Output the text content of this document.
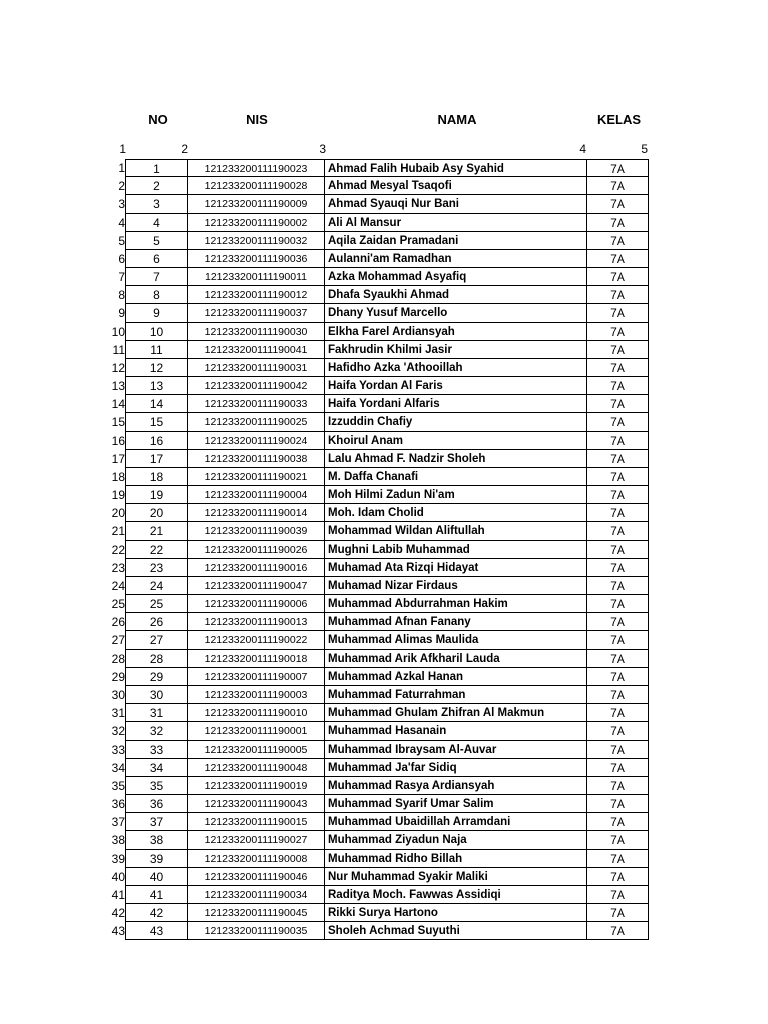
NO	NIS	NAMA	KELAS
1	2	3	4	5
1	1	121233200111190023	Ahmad Falih Hubaib Asy Syahid	7A
2	2	121233200111190028	Ahmad Mesyal Tsaqofi	7A
3	3	121233200111190009	Ahmad Syauqi Nur Bani	7A
4	4	121233200111190002	Ali Al Mansur	7A
5	5	121233200111190032	Aqila Zaidan Pramadani	7A
6	6	121233200111190036	Aulanni'am Ramadhan	7A
7	7	121233200111190011	Azka Mohammad Asyafiq	7A
8	8	121233200111190012	Dhafa Syaukhi Ahmad	7A
9	9	121233200111190037	Dhany Yusuf Marcello	7A
10	10	121233200111190030	Elkha Farel Ardiansyah	7A
11	11	121233200111190041	Fakhrudin Khilmi Jasir	7A
12	12	121233200111190031	Hafidho Azka 'Athooillah	7A
13	13	121233200111190042	Haifa Yordan Al Faris	7A
14	14	121233200111190033	Haifa Yordani Alfaris	7A
15	15	121233200111190025	Izzuddin Chafiy	7A
16	16	121233200111190024	Khoirul Anam	7A
17	17	121233200111190038	Lalu Ahmad F. Nadzir Sholeh	7A
18	18	121233200111190021	M. Daffa Chanafi	7A
19	19	121233200111190004	Moh Hilmi Zadun Ni'am	7A
20	20	121233200111190014	Moh. Idam Cholid	7A
21	21	121233200111190039	Mohammad Wildan Aliftullah	7A
22	22	121233200111190026	Mughni Labib Muhammad	7A
23	23	121233200111190016	Muhamad Ata Rizqi Hidayat	7A
24	24	121233200111190047	Muhamad Nizar Firdaus	7A
25	25	121233200111190006	Muhammad Abdurrahman Hakim	7A
26	26	121233200111190013	Muhammad Afnan Fanany	7A
27	27	121233200111190022	Muhammad Alimas Maulida	7A
28	28	121233200111190018	Muhammad Arik Afkharil Lauda	7A
29	29	121233200111190007	Muhammad Azkal Hanan	7A
30	30	121233200111190003	Muhammad Faturrahman	7A
31	31	121233200111190010	Muhammad Ghulam Zhifran Al Makmun	7A
32	32	121233200111190001	Muhammad Hasanain	7A
33	33	121233200111190005	Muhammad Ibraysam Al-Auvar	7A
34	34	121233200111190048	Muhammad Ja'far Sidiq	7A
35	35	121233200111190019	Muhammad Rasya Ardiansyah	7A
36	36	121233200111190043	Muhammad Syarif Umar Salim	7A
37	37	121233200111190015	Muhammad Ubaidillah Arramdani	7A
38	38	121233200111190027	Muhammad Ziyadun Naja	7A
39	39	121233200111190008	Muhammad Ridho Billah	7A
40	40	121233200111190046	Nur Muhammad Syakir Maliki	7A
41	41	121233200111190034	Raditya Moch. Fawwas Assidiqi	7A
42	42	121233200111190045	Rikki Surya Hartono	7A
43	43	121233200111190035	Sholeh Achmad Suyuthi	7A
